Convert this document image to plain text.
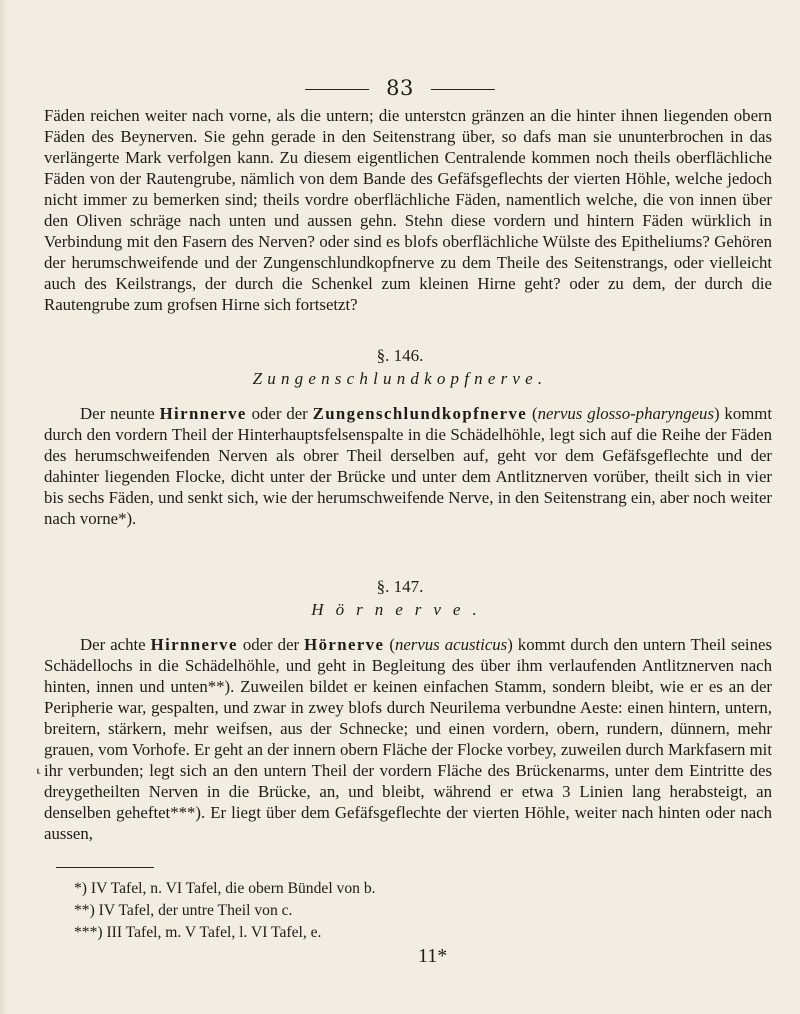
83
Fäden reichen weiter nach vorne, als die untern; die unterstcn gränzen an die hinter ihnen liegenden obern Fäden des Beynerven. Sie gehn gerade in den Seitenstrang über, so dafs man sie ununterbrochen in das verlängerte Mark verfolgen kann. Zu diesem eigentlichen Centralende kommen noch theils oberflächliche Fäden von der Rautengrube, nämlich von dem Bande des Gefäfsgeflechts der vierten Höhle, welche jedoch nicht immer zu bemerken sind; theils vordre oberflächliche Fäden, namentlich welche, die von innen über den Oliven schräge nach unten und aussen gehn. Stehn diese vordern und hintern Fäden würklich in Verbindung mit den Fasern des Nerven? oder sind es blofs oberflächliche Wülste des Epitheliums? Gehören der herumschweifende und der Zungenschlundkopfnerve zu dem Theile des Seitenstrangs, oder vielleicht auch des Keilstrangs, der durch die Schenkel zum kleinen Hirne geht? oder zu dem, der durch die Rautengrube zum grofsen Hirne sich fortsetzt?
§. 146.
Zungenschlundkopfnerve.
Der neunte Hirnnerve oder der Zungenschlundkopfnerve (nervus glosso-pharyngeus) kommt durch den vordern Theil der Hinterhauptsfelsenspalte in die Schädelhöhle, legt sich auf die Reihe der Fäden des herumschweifenden Nerven als obrer Theil derselben auf, geht vor dem Gefäfsgeflechte und der dahinter liegenden Flocke, dicht unter der Brücke und unter dem Antlitznerven vorüber, theilt sich in vier bis sechs Fäden, und senkt sich, wie der herumschweifende Nerve, in den Seitenstrang ein, aber noch weiter nach vorne*).
§. 147.
Hörnerve.
Der achte Hirnnerve oder der Hörnerve (nervus acusticus) kommt durch den untern Theil seines Schädellochs in die Schädelhöhle, und geht in Begleitung des über ihm verlaufenden Antlitznerven nach hinten, innen und unten**). Zuweilen bildet er keinen einfachen Stamm, sondern bleibt, wie er es an der Peripherie war, gespalten, und zwar in zwey blofs durch Neurilema verbundne Aeste: einen hintern, untern, breitern, stärkern, mehr weifsen, aus der Schnecke; und einen vordern, obern, rundern, dünnern, mehr grauen, vom Vorhofe. Er geht an der innern obern Fläche der Flocke vorbey, zuweilen durch Markfasern mit ihr verbunden; legt sich an den untern Theil der vordern Fläche des Brückenarms, unter dem Eintritte des dreygetheilten Nerven in die Brücke, an, und bleibt, während er etwa 3 Linien lang herabsteigt, an denselben geheftet***). Er liegt über dem Gefäfsgeflechte der vierten Höhle, weiter nach hinten oder nach aussen,
⸤
*) IV Tafel, n. VI Tafel, die obern Bündel von b.
**) IV Tafel, der untre Theil von c.
***) III Tafel, m. V Tafel, l. VI Tafel, e.
11*
